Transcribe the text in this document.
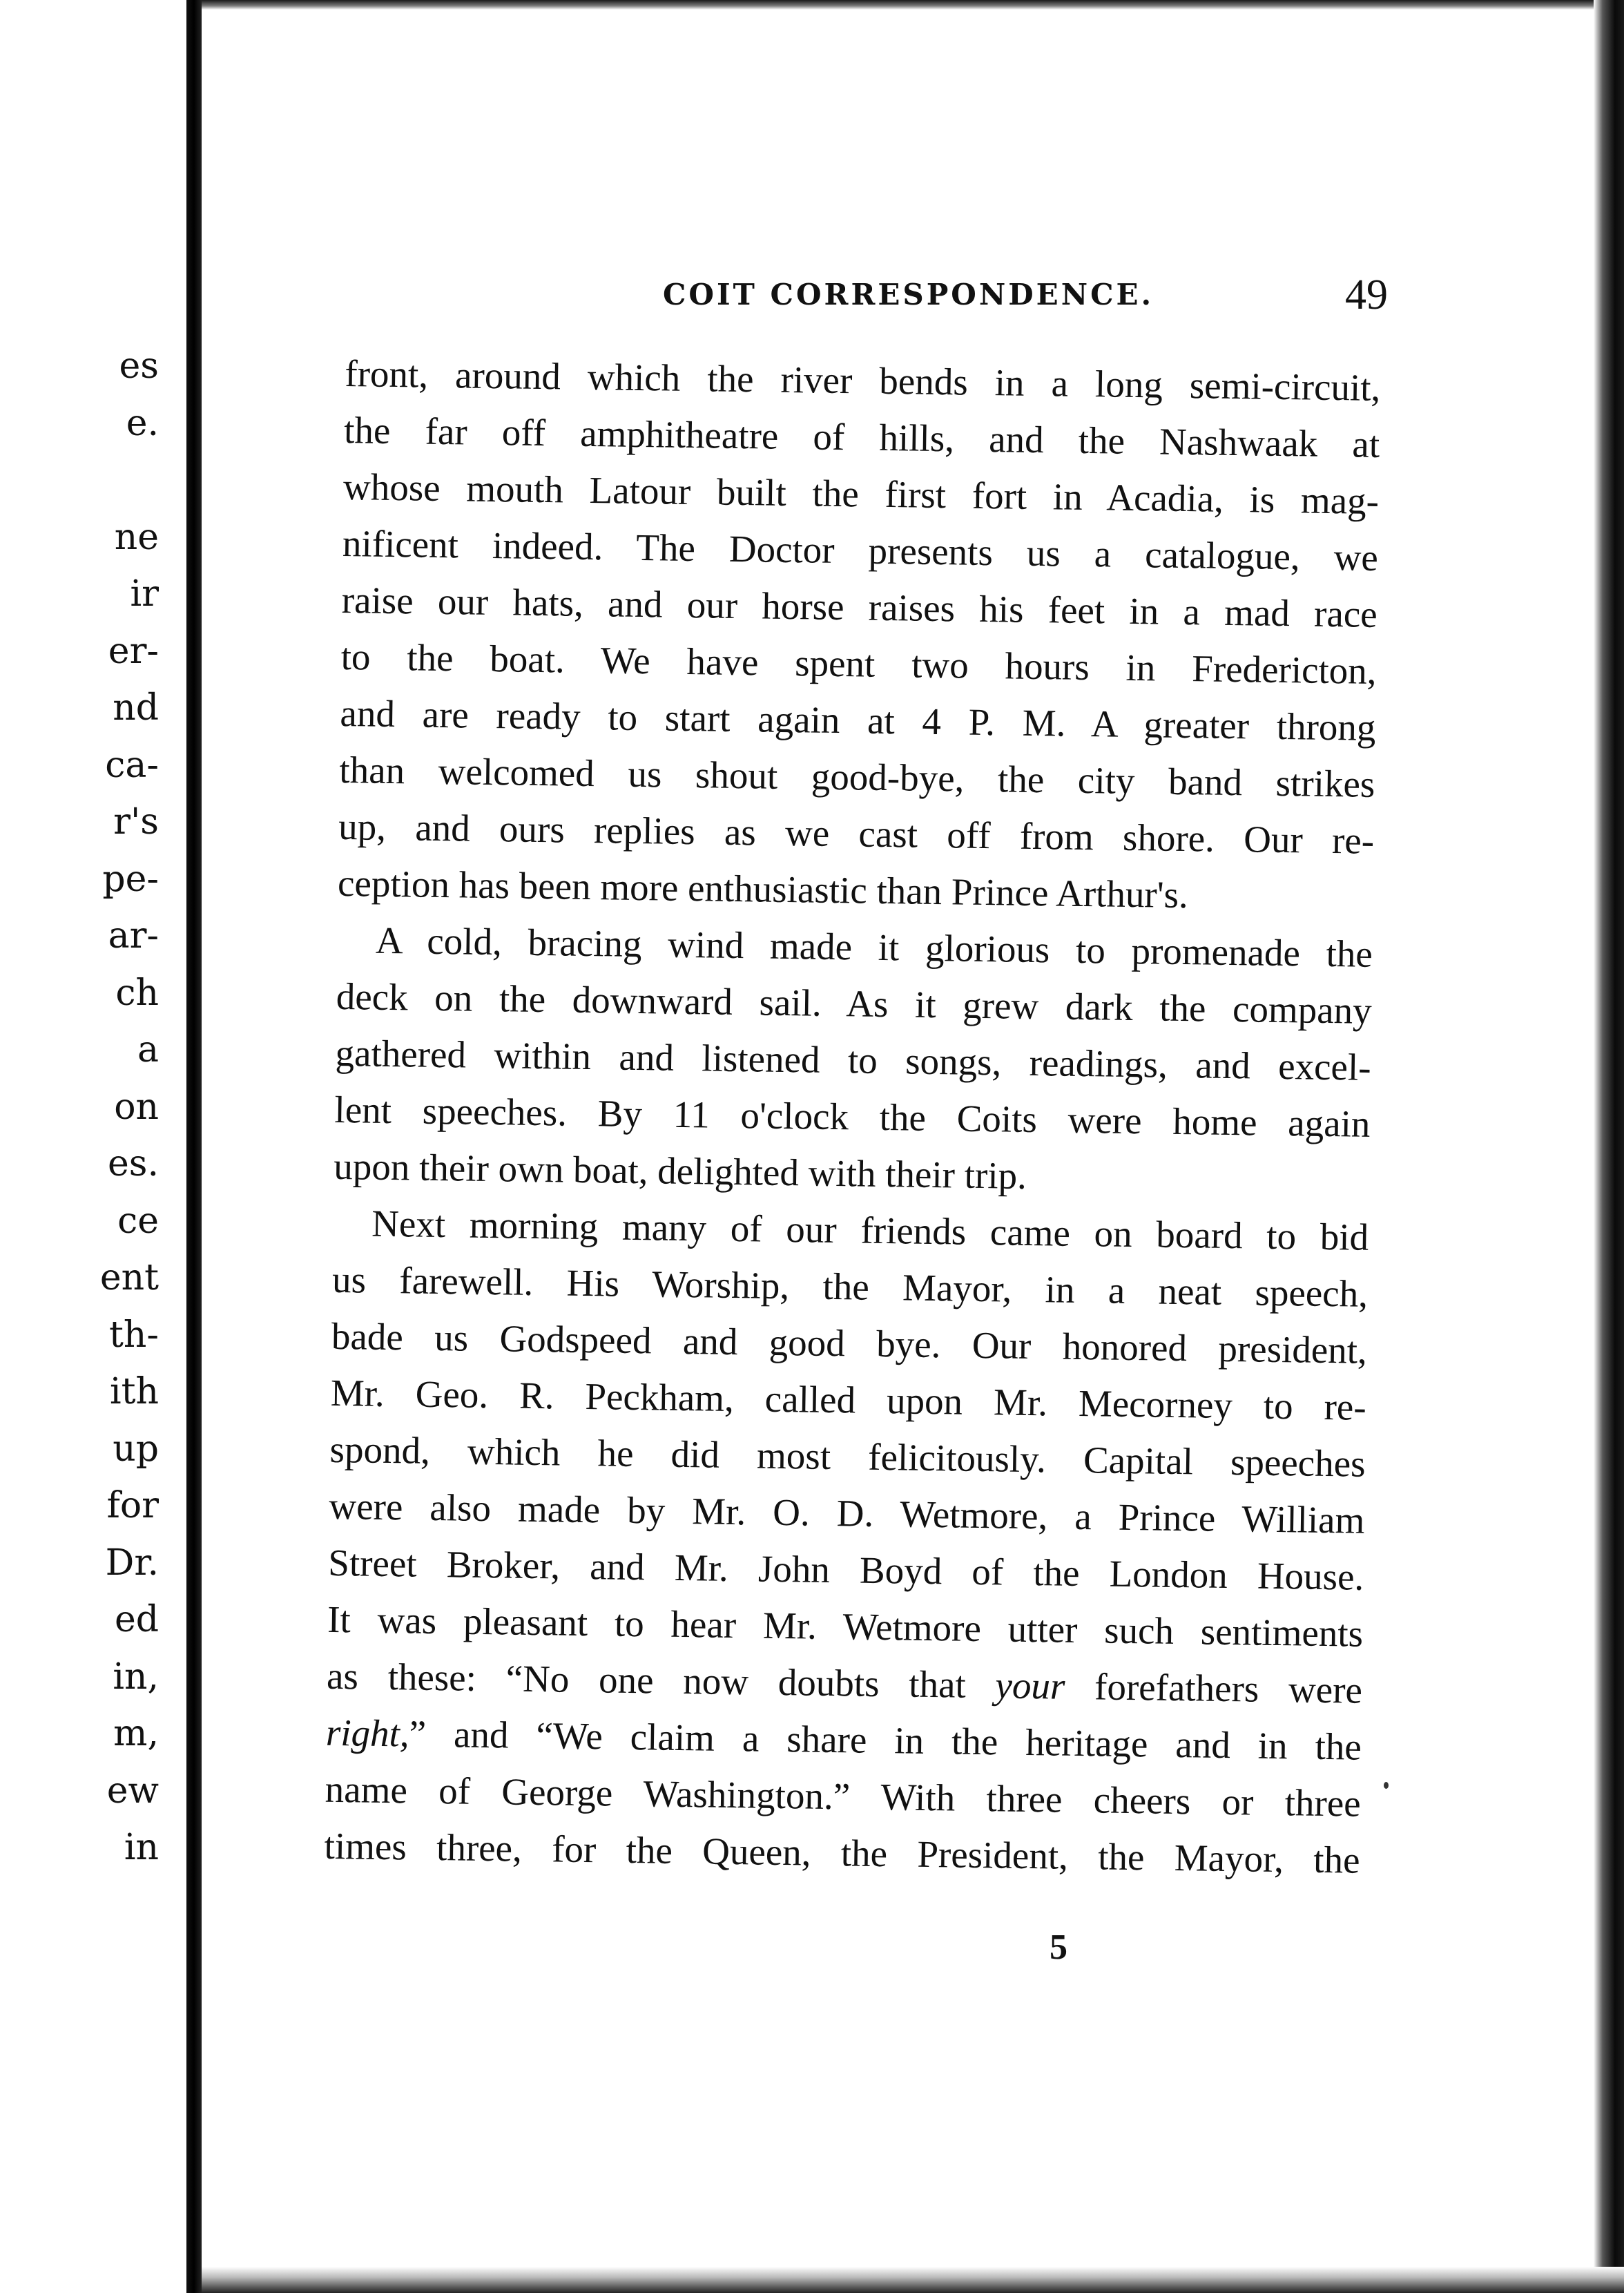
es
e.
ne
ir
er-
nd
ca-
r's
pe-
ar-
ch
a
on
es.
ce
ent
th-
ith
up
for
Dr.
ed
in,
m,
ew
in
COIT CORRESPONDENCE.	49
front, around which the river bends in a long semi-circuit,
the far off amphitheatre of hills, and the Nashwaak at
whose mouth Latour built the first fort in Acadia, is mag-
nificent indeed. The Doctor presents us a catalogue, we
raise our hats, and our horse raises his feet in a mad race
to the boat. We have spent two hours in Fredericton,
and are ready to start again at 4 P. M. A greater throng
than welcomed us shout good-bye, the city band strikes
up, and ours replies as we cast off from shore. Our re-
ception has been more enthusiastic than Prince Arthur's.
A cold, bracing wind made it glorious to promenade the
deck on the downward sail. As it grew dark the company
gathered within and listened to songs, readings, and excel-
lent speeches. By 11 o'clock the Coits were home again
upon their own boat, delighted with their trip.
Next morning many of our friends came on board to bid
us farewell. His Worship, the Mayor, in a neat speech,
bade us Godspeed and good bye. Our honored president,
Mr. Geo. R. Peckham, called upon Mr. Mecorney to re-
spond, which he did most felicitously. Capital speeches
were also made by Mr. O. D. Wetmore, a Prince William
Street Broker, and Mr. John Boyd of the London House.
It was pleasant to hear Mr. Wetmore utter such sentiments
as these: “No one now doubts that your forefathers were
right,” and “We claim a share in the heritage and in the
name of George Washington.” With three cheers or three
times three, for the Queen, the President, the Mayor, the
5
